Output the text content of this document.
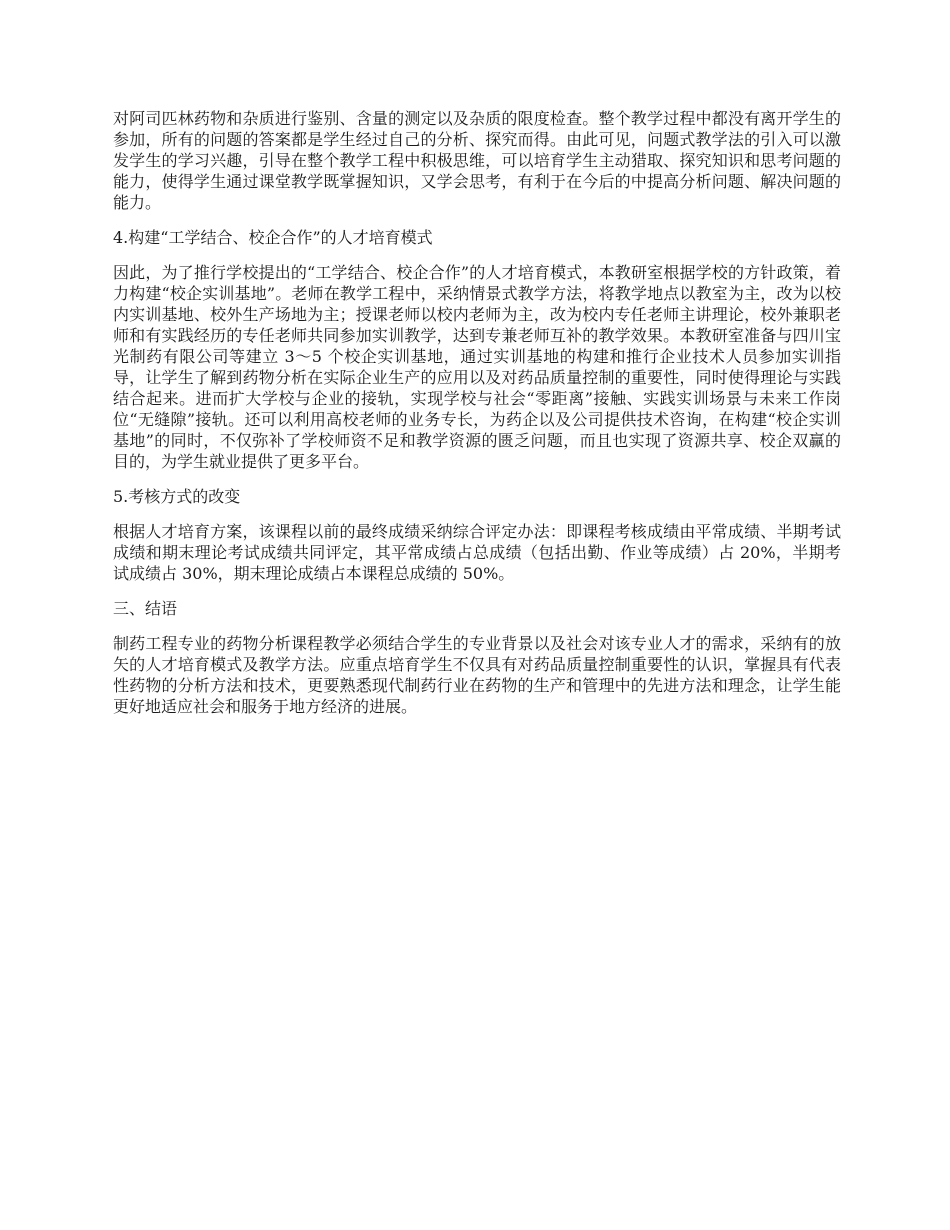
对阿司匹林药物和杂质进行鉴别、含量的测定以及杂质的限度检查。整个教学过程中都没有离开学生的参加，所有的问题的答案都是学生经过自己的分析、探究而得。由此可见，问题式教学法的引入可以激发学生的学习兴趣，引导在整个教学工程中积极思维，可以培育学生主动猎取、探究知识和思考问题的能力，使得学生通过课堂教学既掌握知识，又学会思考，有利于在今后的中提高分析问题、解决问题的能力。

4.构建“工学结合、校企合作”的人才培育模式

因此，为了推行学校提出的“工学结合、校企合作”的人才培育模式，本教研室根据学校的方针政策，着力构建“校企实训基地”。老师在教学工程中，采纳情景式教学方法，将教学地点以教室为主，改为以校内实训基地、校外生产场地为主；授课老师以校内老师为主，改为校内专任老师主讲理论，校外兼职老师和有实践经历的专任老师共同参加实训教学，达到专兼老师互补的教学效果。本教研室准备与四川宝光制药有限公司等建立 3～5 个校企实训基地，通过实训基地的构建和推行企业技术人员参加实训指导，让学生了解到药物分析在实际企业生产的应用以及对药品质量控制的重要性，同时使得理论与实践结合起来。进而扩大学校与企业的接轨，实现学校与社会“零距离”接触、实践实训场景与未来工作岗位“无缝隙”接轨。还可以利用高校老师的业务专长，为药企以及公司提供技术咨询，在构建“校企实训基地”的同时，不仅弥补了学校师资不足和教学资源的匮乏问题，而且也实现了资源共享、校企双赢的目的，为学生就业提供了更多平台。

5.考核方式的改变

根据人才培育方案，该课程以前的最终成绩采纳综合评定办法：即课程考核成绩由平常成绩、半期考试成绩和期末理论考试成绩共同评定，其平常成绩占总成绩（包括出勤、作业等成绩）占 20%，半期考试成绩占 30%，期末理论成绩占本课程总成绩的 50%。

三、结语

制药工程专业的药物分析课程教学必须结合学生的专业背景以及社会对该专业人才的需求，采纳有的放矢的人才培育模式及教学方法。应重点培育学生不仅具有对药品质量控制重要性的认识，掌握具有代表性药物的分析方法和技术，更要熟悉现代制药行业在药物的生产和管理中的先进方法和理念，让学生能更好地适应社会和服务于地方经济的进展。
